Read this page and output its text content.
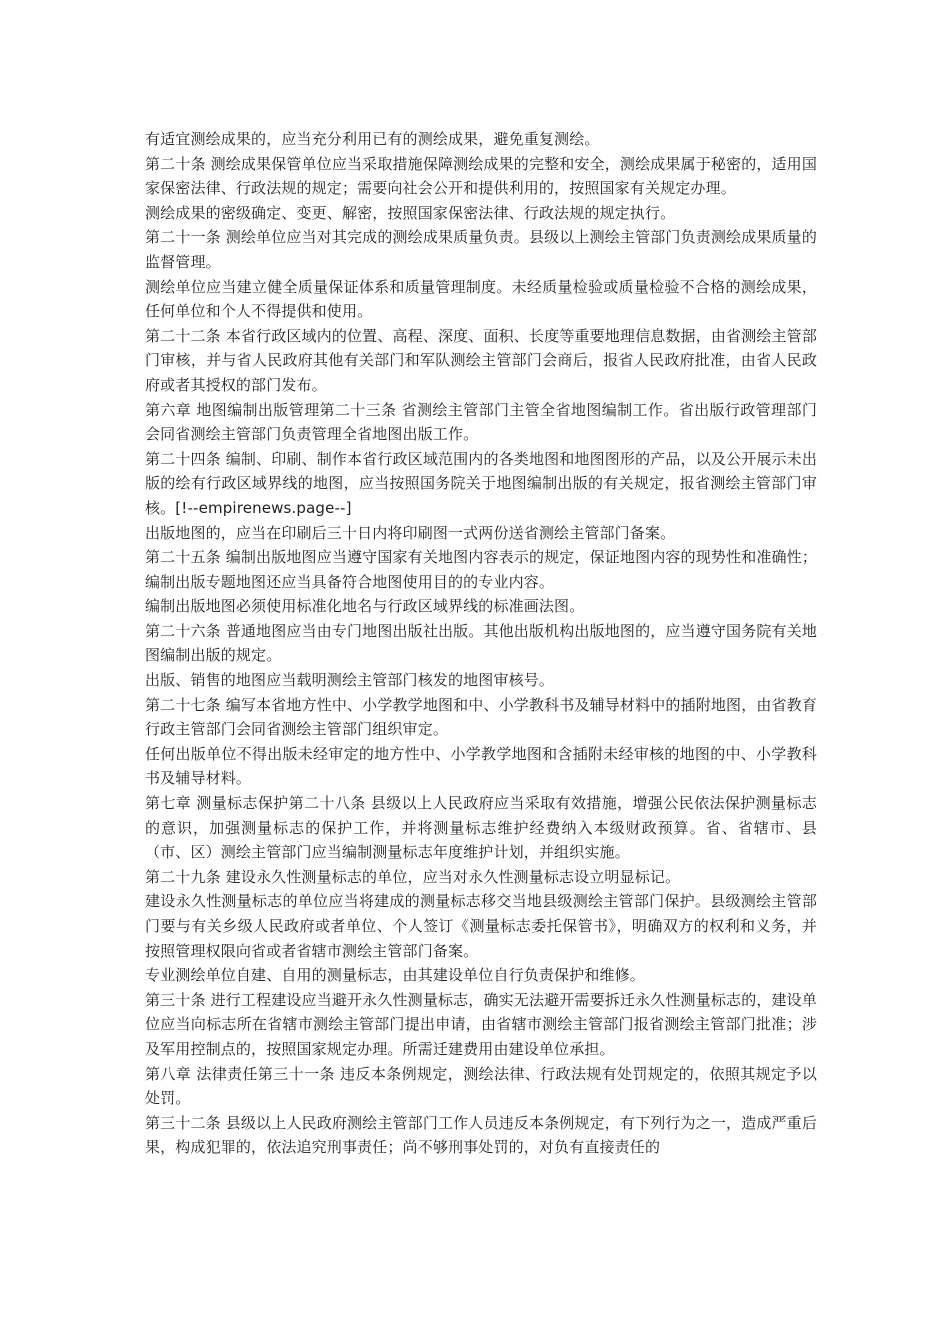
有适宜测绘成果的，应当充分利用已有的测绘成果，避免重复测绘。

第二十条 测绘成果保管单位应当采取措施保障测绘成果的完整和安全，测绘成果属于秘密的，适用国家保密法律、行政法规的规定；需要向社会公开和提供利用的，按照国家有关规定办理。

测绘成果的密级确定、变更、解密，按照国家保密法律、行政法规的规定执行。

第二十一条 测绘单位应当对其完成的测绘成果质量负责。县级以上测绘主管部门负责测绘成果质量的监督管理。

测绘单位应当建立健全质量保证体系和质量管理制度。未经质量检验或质量检验不合格的测绘成果，任何单位和个人不得提供和使用。

第二十二条 本省行政区域内的位置、高程、深度、面积、长度等重要地理信息数据，由省测绘主管部门审核，并与省人民政府其他有关部门和军队测绘主管部门会商后，报省人民政府批准，由省人民政府或者其授权的部门发布。

第六章 地图编制出版管理第二十三条 省测绘主管部门主管全省地图编制工作。省出版行政管理部门会同省测绘主管部门负责管理全省地图出版工作。

第二十四条 编制、印刷、制作本省行政区域范围内的各类地图和地图图形的产品，以及公开展示未出版的绘有行政区域界线的地图，应当按照国务院关于地图编制出版的有关规定，报省测绘主管部门审核。[!--empirenews.page--]

出版地图的，应当在印刷后三十日内将印刷图一式两份送省测绘主管部门备案。

第二十五条 编制出版地图应当遵守国家有关地图内容表示的规定，保证地图内容的现势性和准确性；编制出版专题地图还应当具备符合地图使用目的的专业内容。

编制出版地图必须使用标准化地名与行政区域界线的标准画法图。

第二十六条 普通地图应当由专门地图出版社出版。其他出版机构出版地图的，应当遵守国务院有关地图编制出版的规定。

出版、销售的地图应当载明测绘主管部门核发的地图审核号。

第二十七条 编写本省地方性中、小学教学地图和中、小学教科书及辅导材料中的插附地图，由省教育行政主管部门会同省测绘主管部门组织审定。

任何出版单位不得出版未经审定的地方性中、小学教学地图和含插附未经审核的地图的中、小学教科书及辅导材料。

第七章 测量标志保护第二十八条 县级以上人民政府应当采取有效措施，增强公民依法保护测量标志的意识，加强测量标志的保护工作，并将测量标志维护经费纳入本级财政预算。省、省辖市、县（市、区）测绘主管部门应当编制测量标志年度维护计划，并组织实施。

第二十九条 建设永久性测量标志的单位，应当对永久性测量标志设立明显标记。

建设永久性测量标志的单位应当将建成的测量标志移交当地县级测绘主管部门保护。县级测绘主管部门要与有关乡级人民政府或者单位、个人签订《测量标志委托保管书》，明确双方的权利和义务，并按照管理权限向省或者省辖市测绘主管部门备案。

专业测绘单位自建、自用的测量标志，由其建设单位自行负责保护和维修。

第三十条 进行工程建设应当避开永久性测量标志，确实无法避开需要拆迁永久性测量标志的，建设单位应当向标志所在省辖市测绘主管部门提出申请，由省辖市测绘主管部门报省测绘主管部门批准；涉及军用控制点的，按照国家规定办理。所需迁建费用由建设单位承担。

第八章 法律责任第三十一条 违反本条例规定，测绘法律、行政法规有处罚规定的，依照其规定予以处罚。

第三十二条 县级以上人民政府测绘主管部门工作人员违反本条例规定，有下列行为之一，造成严重后果，构成犯罪的，依法追究刑事责任；尚不够刑事处罚的，对负有直接责任的
